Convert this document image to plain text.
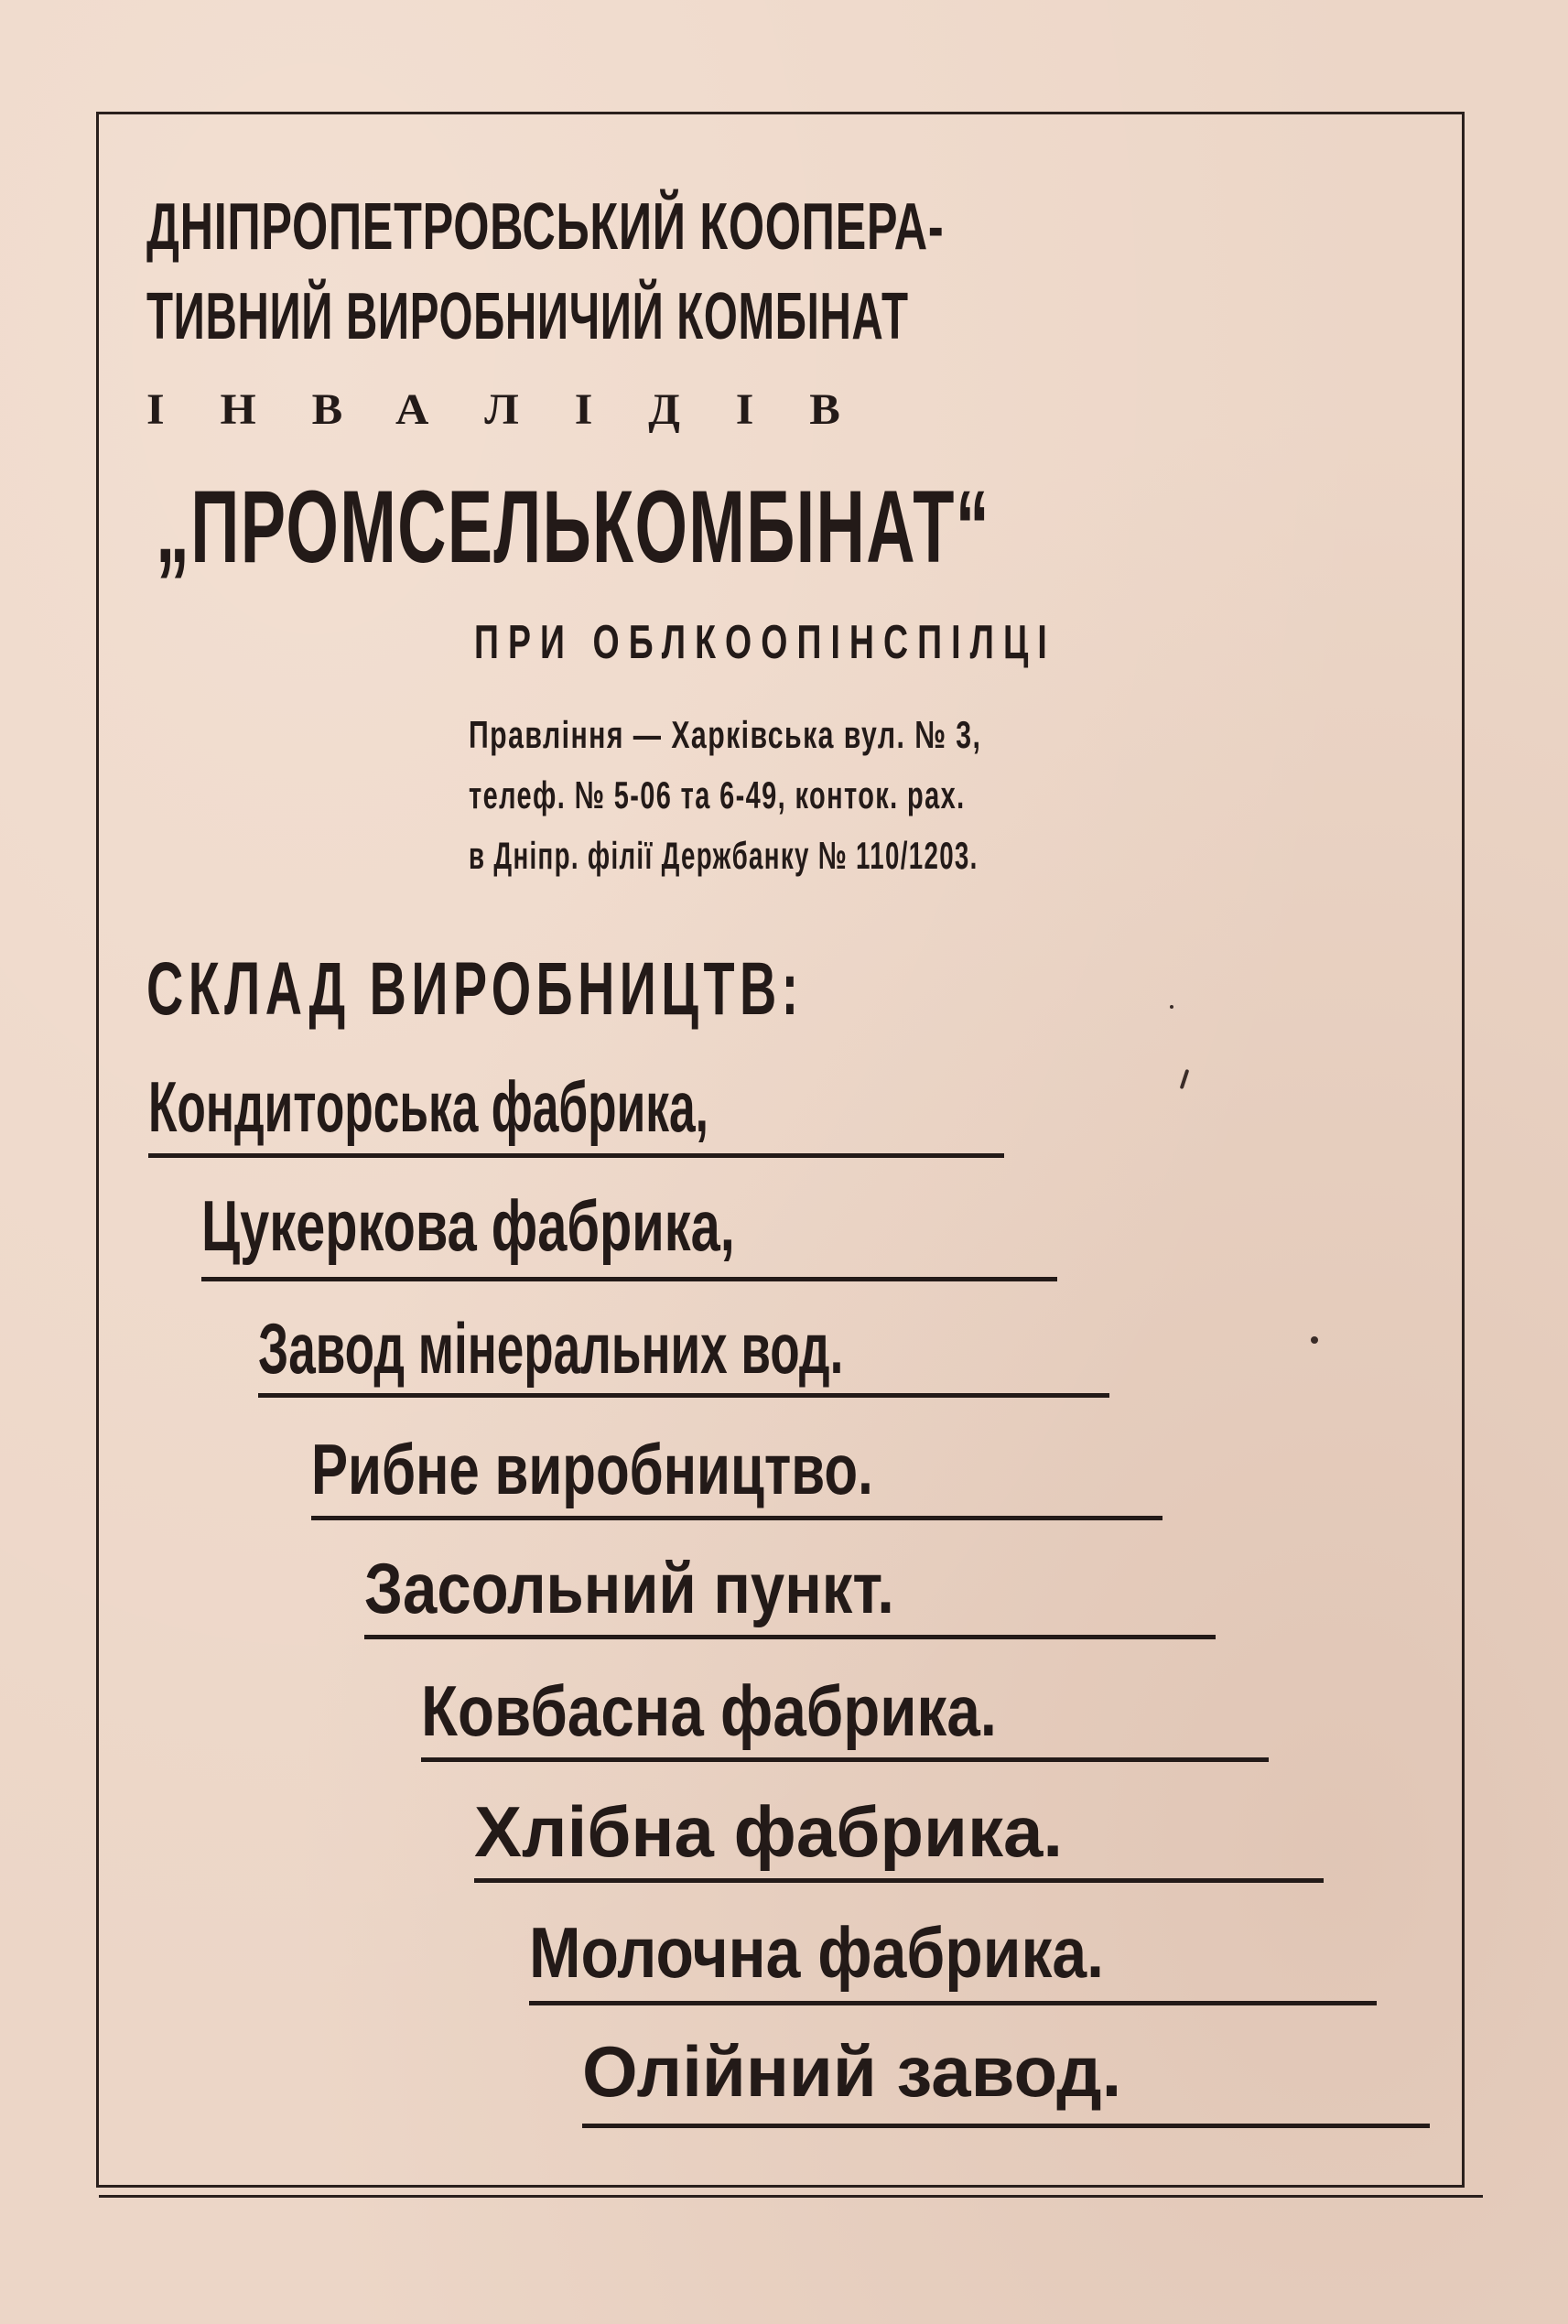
ДНІПРОПЕТРОВСЬКИЙ КООПЕРА-
ТИВНИЙ ВИРОБНИЧИЙ КОМБІНАТ
ІНВАЛІДІВ
„ПРОМСЕЛЬКОМБІНАТ“
ПРИ ОБЛКООПІНСПІЛЦІ
Правління — Харківська вул. № 3,
телеф. № 5-06 та 6-49, конток. рах.
в Дніпр. філії Держбанку № 110/1203.
СКЛАД ВИРОБНИЦТВ:
Кондиторська фабрика,
Цукеркова фабрика,
Завод мінеральних вод.
Рибне виробництво.
Засольний пункт.
Ковбасна фабрика.
Хлібна фабрика.
Молочна фабрика.
Олійний завод.
